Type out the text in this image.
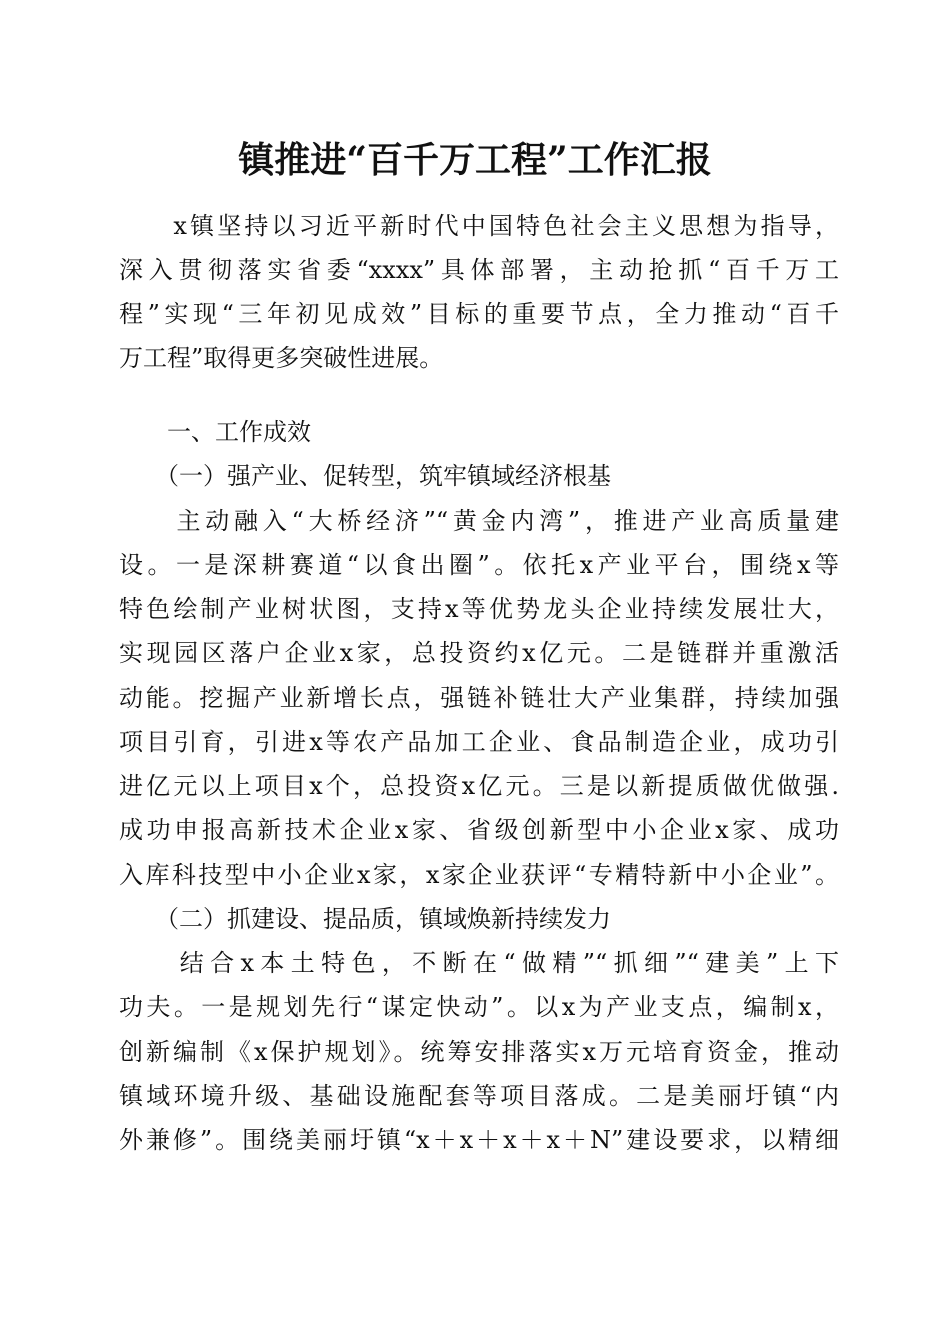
镇推进“百千万工程”工作汇报
　　x镇坚持以习近平新时代中国特色社会主义思想为指导，
深入贯彻落实省委“xxxx”具体部署，主动抢抓“百千万工
程”实现“三年初见成效”目标的重要节点，全力推动“百千
万工程”取得更多突破性进展。
　　一、工作成效
　　（一）强产业、促转型，筑牢镇域经济根基
　　主动融入“大桥经济”“黄金内湾”，推进产业高质量建
设。一是深耕赛道“以食出圈”。依托x产业平台，围绕x等
特色绘制产业树状图，支持x等优势龙头企业持续发展壮大，
实现园区落户企业x家，总投资约x亿元。二是链群并重激活
动能。挖掘产业新增长点，强链补链壮大产业集群，持续加强
项目引育，引进x等农产品加工企业、食品制造企业，成功引
进亿元以上项目x个，总投资x亿元。三是以新提质做优做强.
成功申报高新技术企业x家、省级创新型中小企业x家、成功
入库科技型中小企业x家，x家企业获评“专精特新中小企业”。
　　（二）抓建设、提品质，镇域焕新持续发力
　　结合x本土特色，不断在“做精”“抓细”“建美”上下
功夫。一是规划先行“谋定快动”。以x为产业支点，编制x，
创新编制《x保护规划》。统筹安排落实x万元培育资金，推动
镇域环境升级、基础设施配套等项目落成。二是美丽圩镇“内
外兼修”。围绕美丽圩镇“x＋x＋x＋x＋N”建设要求，以精细
